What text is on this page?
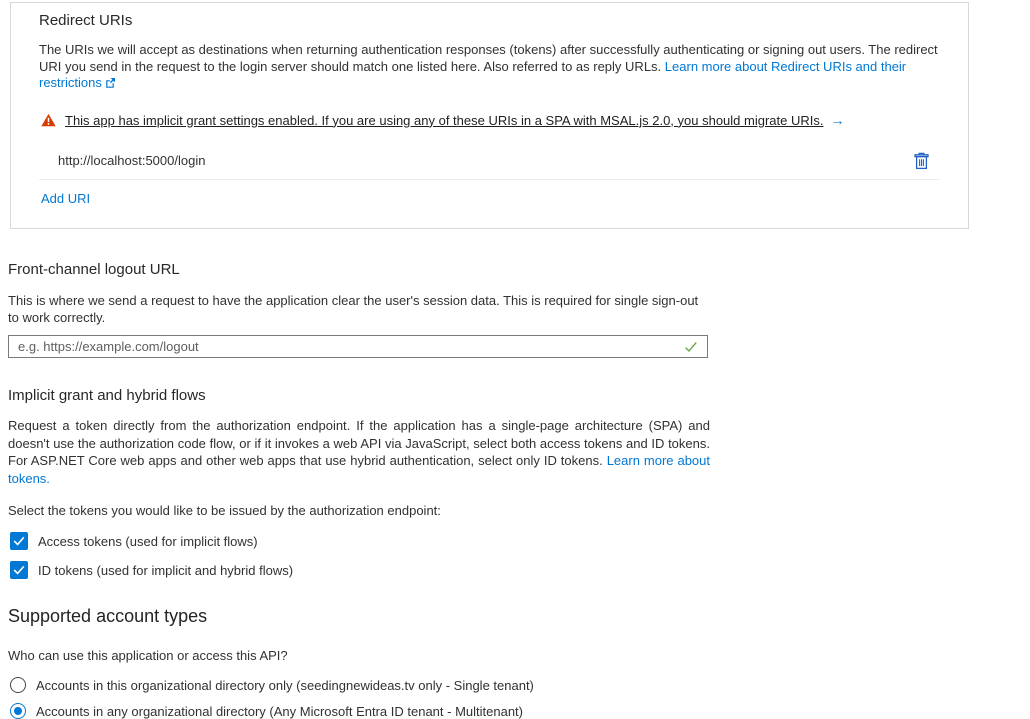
Redirect URIs

The URIs we will accept as destinations when returning authentication responses (tokens) after successfully authenticating or signing out users. The redirect URI you send in the request to the login server should match one listed here. Also referred to as reply URLs. Learn more about Redirect URIs and their restrictions

This app has implicit grant settings enabled. If you are using any of these URIs in a SPA with MSAL.js 2.0, you should migrate URIs. →
http://localhost:5000/login
Add URI
Front-channel logout URL

This is where we send a request to have the application clear the user's session data. This is required for single sign-out to work correctly.

e.g. https://example.com/logout
Implicit grant and hybrid flows

Request a token directly from the authorization endpoint. If the application has a single-page architecture (SPA) and doesn't use the authorization code flow, or if it invokes a web API via JavaScript, select both access tokens and ID tokens. For ASP.NET Core web apps and other web apps that use hybrid authentication, select only ID tokens. Learn more about tokens.

Select the tokens you would like to be issued by the authorization endpoint:

Access tokens (used for implicit flows)
ID tokens (used for implicit and hybrid flows)
Supported account types

Who can use this application or access this API?

Accounts in this organizational directory only (seedingnewideas.tv only - Single tenant)
Accounts in any organizational directory (Any Microsoft Entra ID tenant - Multitenant)
